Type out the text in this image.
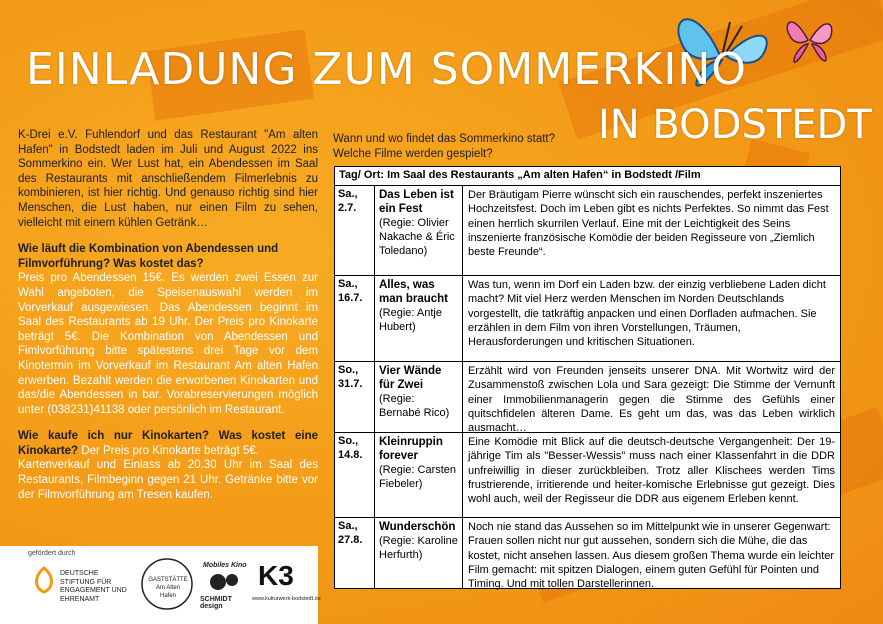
EINLADUNG ZUM SOMMERKINO
IN BODSTEDT

K-Drei e.V. Fuhlendorf und das Restaurant "Am alten Hafen" in Bodstedt laden im Juli und August 2022 ins Sommerkino ein. Wer Lust hat, ein Abendessen im Saal des Restaurants mit anschließendem Filmerlebnis zu kombinieren, ist hier richtig. Und genauso richtig sind hier Menschen, die Lust haben, nur einen Film zu sehen, vielleicht mit einem kühlen Getränk…

Wie läuft die Kombination von Abendessen und Filmvorführung? Was kostet das?

Preis pro Abendessen 15€. Es werden zwei Essen zur Wahl angeboten, die Speisenauswahl werden im Vorverkauf ausgewiesen. Das Abendessen beginnt im Saal des Restaurants ab 19 Uhr. Der Preis pro Kinokarte beträgt 5€. Die Kombination von Abendessen und Fimlvorführung bitte spätestens drei Tage vor dem Kinotermin im Vorverkauf im Restaurant Am alten Hafen erwerben. Bezahlt werden die erworbenen Kinokarten und das/die Abendessen in bar. Vorabreservierungen möglich unter (038231)41138 oder persönlich im Restaurant.

Wie kaufe ich nur Kinokarten? Was kostet eine Kinokarte? Der Preis pro Kinokarte beträgt 5€.

Kartenverkauf und Einlass ab 20.30 Uhr im Saal des Restaurants, Filmbeginn gegen 21 Uhr. Getränke bitte vor der Filmvorführung am Tresen kaufen.

gefördert durch
DEUTSCHE STIFTUNG FÜR ENGAGEMENT UND EHRENAMT
GASTSTÄTTE Am Alten Hafen
Mobiles Kino
SCHMIDT design
K3
www.kulturwerk-bodstedt.de
Wann und wo findet das Sommerkino statt?
Welche Filme werden gespielt?
Tag/ Ort: Im Saal des Restaurants „Am alten Hafen“ in Bodstedt /Film
Sa., 2.7.
Das Leben ist ein Fest
(Regie: Olivier Nakache & Éric Toledano)
Der Bräutigam Pierre wünscht sich ein rauschendes, perfekt inszeniertes Hochzeitsfest. Doch im Leben gibt es nichts Perfektes. So nimmt das Fest einen herrlich skurrilen Verlauf. Eine mit der Leichtigkeit des Seins inszenierte französische Komödie der beiden Regisseure von „Ziemlich beste Freunde“.
Sa., 16.7.
Alles, was man braucht
(Regie: Antje Hubert)
Was tun, wenn im Dorf ein Laden bzw. der einzig verbliebene Laden dicht macht? Mit viel Herz werden Menschen im Norden Deutschlands vorgestellt, die tatkräftig anpacken und einen Dorfladen aufmachen. Sie erzählen in dem Film von ihren Vorstellungen, Träumen, Herausforderungen und kritischen Situationen.
So., 31.7.
Vier Wände für Zwei
(Regie: Bernabé Rico)
Erzählt wird von Freunden jenseits unserer DNA. Mit Wortwitz wird der Zusammenstoß zwischen Lola und Sara gezeigt: Die Stimme der Vernunft einer Immobilienmanagerin gegen die Stimme des Gefühls einer quitschfidelen älteren Dame. Es geht um das, was das Leben wirklich ausmacht…
So., 14.8.
Kleinruppin forever
(Regie: Carsten Fiebeler)
Eine Komödie mit Blick auf die deutsch-deutsche Vergangenheit: Der 19-jährige Tim als "Besser-Wessis" muss nach einer Klassenfahrt in die DDR unfreiwillig in dieser zurückbleiben. Trotz aller Klischees werden Tims frustrierende, irritierende und heiter-komische Erlebnisse gut gezeigt. Dies wohl auch, weil der Regisseur die DDR aus eigenem Erleben kennt.
Sa., 27.8.
Wunderschön
(Regie: Karoline Herfurth)
Noch nie stand das Aussehen so im Mittelpunkt wie in unserer Gegenwart: Frauen sollen nicht nur gut aussehen, sondern sich die Mühe, die das kostet, nicht ansehen lassen. Aus diesem großen Thema wurde ein leichter Film gemacht: mit spitzen Dialogen, einem guten Gefühl für Pointen und Timing. Und mit tollen Darstellerinnen.
